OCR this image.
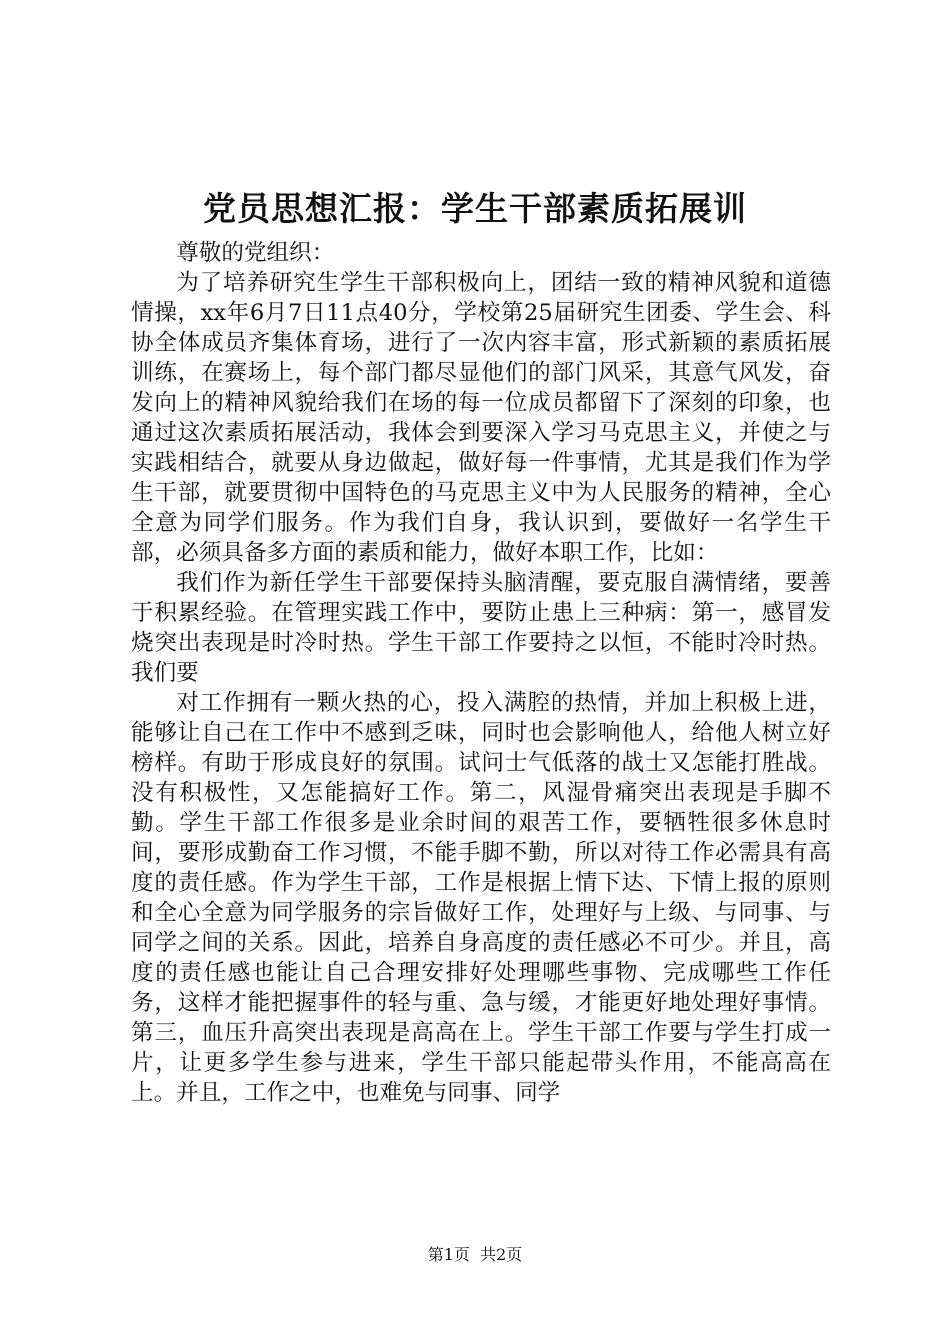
党员思想汇报：学生干部素质拓展训

尊敬的党组织：

为了培养研究生学生干部积极向上，团结一致的精神风貌和道德情操，xx年6月7日11点40分，学校第25届研究生团委、学生会、科协全体成员齐集体育场，进行了一次内容丰富，形式新颖的素质拓展训练，在赛场上，每个部门都尽显他们的部门风采，其意气风发，奋发向上的精神风貌给我们在场的每一位成员都留下了深刻的印象，也通过这次素质拓展活动，我体会到要深入学习马克思主义，并使之与实践相结合，就要从身边做起，做好每一件事情，尤其是我们作为学生干部，就要贯彻中国特色的马克思主义中为人民服务的精神，全心全意为同学们服务。作为我们自身，我认识到，要做好一名学生干部，必须具备多方面的素质和能力，做好本职工作，比如：

我们作为新任学生干部要保持头脑清醒，要克服自满情绪，要善于积累经验。在管理实践工作中，要防止患上三种病：第一，感冒发烧突出表现是时冷时热。学生干部工作要持之以恒，不能时冷时热。我们要

对工作拥有一颗火热的心，投入满腔的热情，并加上积极上进，能够让自己在工作中不感到乏味，同时也会影响他人，给他人树立好榜样。有助于形成良好的氛围。试问士气低落的战士又怎能打胜战。没有积极性，又怎能搞好工作。第二，风湿骨痛突出表现是手脚不勤。学生干部工作很多是业余时间的艰苦工作，要牺牲很多休息时间，要形成勤奋工作习惯，不能手脚不勤，所以对待工作必需具有高度的责任感。作为学生干部，工作是根据上情下达、下情上报的原则和全心全意为同学服务的宗旨做好工作，处理好与上级、与同事、与同学之间的关系。因此，培养自身高度的责任感必不可少。并且，高度的责任感也能让自己合理安排好处理哪些事物、完成哪些工作任务，这样才能把握事件的轻与重、急与缓，才能更好地处理好事情。第三，血压升高突出表现是高高在上。学生干部工作要与学生打成一片，让更多学生参与进来，学生干部只能起带头作用，不能高高在上。并且，工作之中，也难免与同事、同学

第1页 共2页
